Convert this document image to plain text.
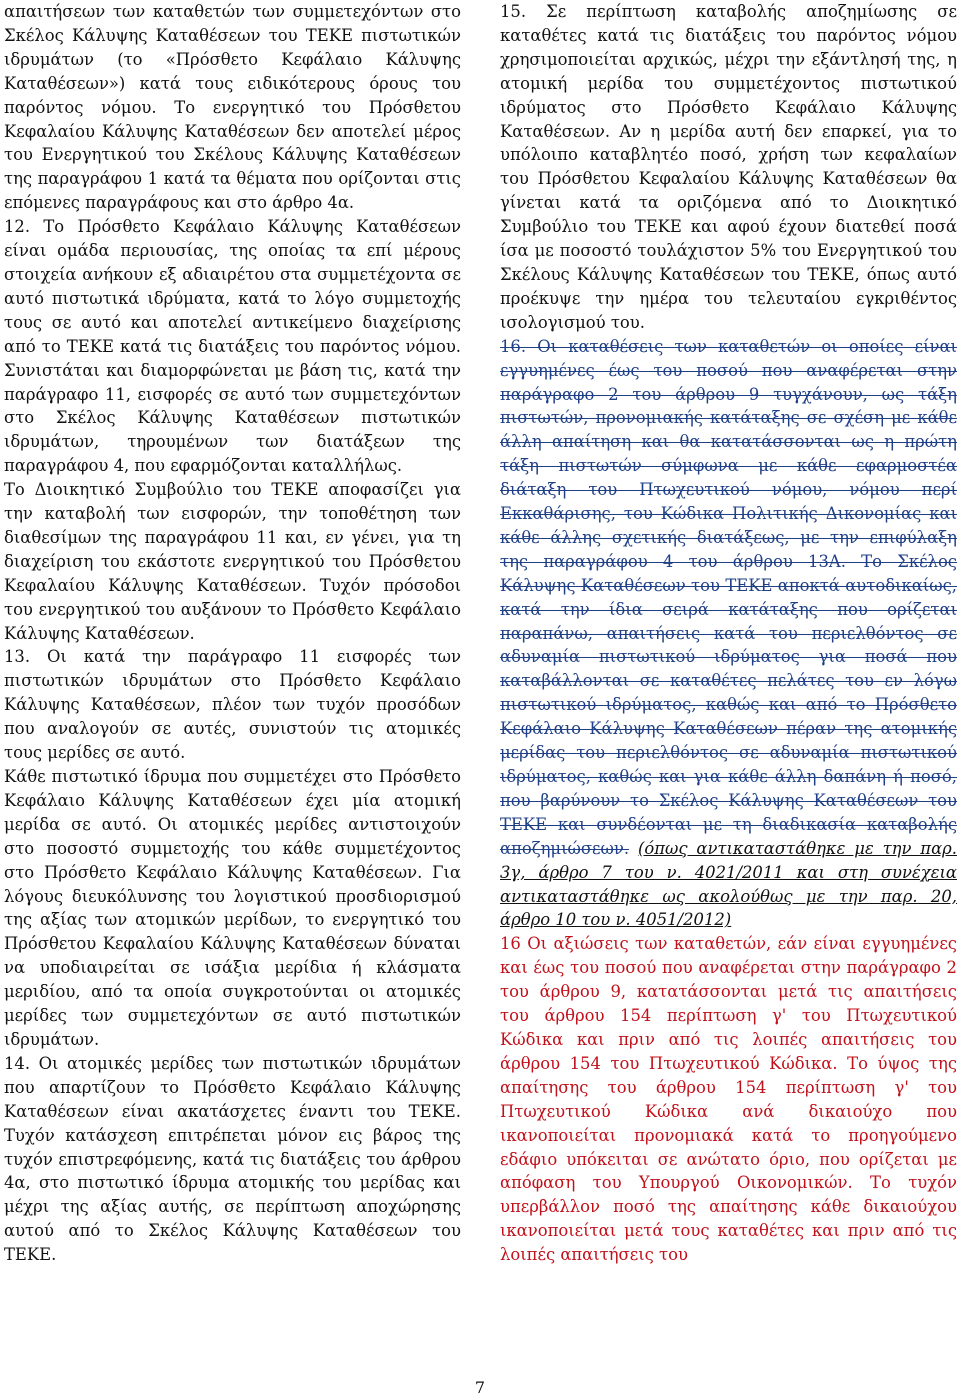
απαιτήσεων των καταθετών των συμμετεχόντων στο Σκέλος Κάλυψης Καταθέσεων του ΤΕΚΕ πιστωτικών ιδρυμάτων (το «Πρόσθετο Κεφάλαιο Κάλυψης Καταθέσεων») κατά τους ειδικότερους όρους του παρόντος νόμου. Το ενεργητικό του Πρόσθετου Κεφαλαίου Κάλυψης Καταθέσεων δεν αποτελεί μέρος του Ενεργητικού του Σκέλους Κάλυψης Καταθέσεων της παραγράφου 1 κατά τα θέματα που ορίζονται στις επόμενες παραγράφους και στο άρθρο 4α.

12. Το Πρόσθετο Κεφάλαιο Κάλυψης Καταθέσεων είναι ομάδα περιουσίας, της οποίας τα επί μέρους στοιχεία ανήκουν εξ αδιαιρέτου στα συμμετέχοντα σε αυτό πιστωτικά ιδρύματα, κατά το λόγο συμμετοχής τους σε αυτό και αποτελεί αντικείμενο διαχείρισης από το ΤΕΚΕ κατά τις διατάξεις του παρόντος νόμου. Συνιστάται και διαμορφώνεται με βάση τις, κατά την παράγραφο 11, εισφορές σε αυτό των συμμετεχόντων στο Σκέλος Κάλυψης Καταθέσεων πιστωτικών ιδρυμάτων, τηρουμένων των διατάξεων της παραγράφου 4, που εφαρμόζονται καταλλήλως.

Το Διοικητικό Συμβούλιο του ΤΕΚΕ αποφασίζει για την καταβολή των εισφορών, την τοποθέτηση των διαθεσίμων της παραγράφου 11 και, εν γένει, για τη διαχείριση του εκάστοτε ενεργητικού του Πρόσθετου Κεφαλαίου Κάλυψης Καταθέσεων. Τυχόν πρόσοδοι του ενεργητικού του αυξάνουν το Πρόσθετο Κεφάλαιο Κάλυψης Καταθέσεων.

13. Οι κατά την παράγραφο 11 εισφορές των πιστωτικών ιδρυμάτων στο Πρόσθετο Κεφάλαιο Κάλυψης Καταθέσεων, πλέον των τυχόν προσόδων που αναλογούν σε αυτές, συνιστούν τις ατομικές τους μερίδες σε αυτό.

Κάθε πιστωτικό ίδρυμα που συμμετέχει στο Πρόσθετο Κεφάλαιο Κάλυψης Καταθέσεων έχει μία ατομική μερίδα σε αυτό. Οι ατομικές μερίδες αντιστοιχούν στο ποσοστό συμμετοχής του κάθε συμμετέχοντος στο Πρόσθετο Κεφάλαιο Κάλυψης Καταθέσεων. Για λόγους διευκόλυνσης του λογιστικού προσδιορισμού της αξίας των ατομικών μερίδων, το ενεργητικό του Πρόσθετου Κεφαλαίου Κάλυψης Καταθέσεων δύναται να υποδιαιρείται σε ισάξια μερίδια ή κλάσματα μεριδίου, από τα οποία συγκροτούνται οι ατομικές μερίδες των συμμετεχόντων σε αυτό πιστωτικών ιδρυμάτων.

14. Οι ατομικές μερίδες των πιστωτικών ιδρυμάτων που απαρτίζουν το Πρόσθετο Κεφάλαιο Κάλυψης Καταθέσεων είναι ακατάσχετες έναντι του ΤΕΚΕ. Τυχόν κατάσχεση επιτρέπεται μόνον εις βάρος της τυχόν επιστρεφόμενης, κατά τις διατάξεις του άρθρου 4α, στο πιστωτικό ίδρυμα ατομικής του μερίδας και μέχρι της αξίας αυτής, σε περίπτωση αποχώρησης αυτού από το Σκέλος Κάλυψης Καταθέσεων του ΤΕΚΕ.

15. Σε περίπτωση καταβολής αποζημίωσης σε καταθέτες κατά τις διατάξεις του παρόντος νόμου χρησιμοποιείται αρχικώς, μέχρι την εξάντλησή της, η ατομική μερίδα του συμμετέχοντος πιστωτικού ιδρύματος στο Πρόσθετο Κεφάλαιο Κάλυψης Καταθέσεων. Αν η μερίδα αυτή δεν επαρκεί, για το υπόλοιπο καταβλητέο ποσό, χρήση των κεφαλαίων του Πρόσθετου Κεφαλαίου Κάλυψης Καταθέσεων θα γίνεται κατά τα οριζόμενα από το Διοικητικό Συμβούλιο του ΤΕΚΕ και αφού έχουν διατεθεί ποσά ίσα με ποσοστό τουλάχιστον 5% του Ενεργητικού του Σκέλους Κάλυψης Καταθέσεων του ΤΕΚΕ, όπως αυτό προέκυψε την ημέρα του τελευταίου εγκριθέντος ισολογισμού του.

16. Οι καταθέσεις των καταθετών οι οποίες είναι εγγυημένες έως του ποσού που αναφέρεται στην παράγραφο 2 του άρθρου 9 τυγχάνουν, ως τάξη πιστωτών, προνομιακής κατάταξης σε σχέση με κάθε άλλη απαίτηση και θα κατατάσσονται ως η πρώτη τάξη πιστωτών σύμφωνα με κάθε εφαρμοστέα διάταξη του Πτωχευτικού νόμου, νόμου περί Εκκαθάρισης, του Κώδικα Πολιτικής Δικονομίας και κάθε άλλης σχετικής διατάξεως, με την επιφύλαξη της παραγράφου 4 του άρθρου 13Α. Το Σκέλος Κάλυψης Καταθέσεων του ΤΕΚΕ αποκτά αυτοδικαίως, κατά την ίδια σειρά κατάταξης που ορίζεται παραπάνω, απαιτήσεις κατά του περιελθόντος σε αδυναμία πιστωτικού ιδρύματος για ποσά που καταβάλλονται σε καταθέτες πελάτες του εν λόγω πιστωτικού ιδρύματος, καθώς και από το Πρόσθετο Κεφάλαιο Κάλυψης Καταθέσεων πέραν της ατομικής μερίδας του περιελθόντος σε αδυναμία πιστωτικού ιδρύματος, καθώς και για κάθε άλλη δαπάνη ή ποσό, που βαρύνουν το Σκέλος Κάλυψης Καταθέσεων του ΤΕΚΕ και συνδέονται με τη διαδικασία καταβολής αποζημιώσεων. (όπως αντικαταστάθηκε με την παρ. 3γ, άρθρο 7 του ν. 4021/2011 και στη συνέχεια αντικαταστάθηκε ως ακολούθως με την παρ. 20, άρθρο 10 του ν. 4051/2012)

16 Οι αξιώσεις των καταθετών, εάν είναι εγγυημένες και έως του ποσού που αναφέρεται στην παράγραφο 2 του άρθρου 9, κατατάσσονται μετά τις απαιτήσεις του άρθρου 154 περίπτωση γ' του Πτωχευτικού Κώδικα και πριν από τις λοιπές απαιτήσεις του άρθρου 154 του Πτωχευτικού Κώδικα. Το ύψος της απαίτησης του άρθρου 154 περίπτωση γ' του Πτωχευτικού Κώδικα ανά δικαιούχο που ικανοποιείται προνομιακά κατά το προηγούμενο εδάφιο υπόκειται σε ανώτατο όριο, που ορίζεται με απόφαση του Υπουργού Οικονομικών. Το τυχόν υπερβάλλον ποσό της απαίτησης κάθε δικαιούχου ικανοποιείται μετά τους καταθέτες και πριν από τις λοιπές απαιτήσεις του

7
